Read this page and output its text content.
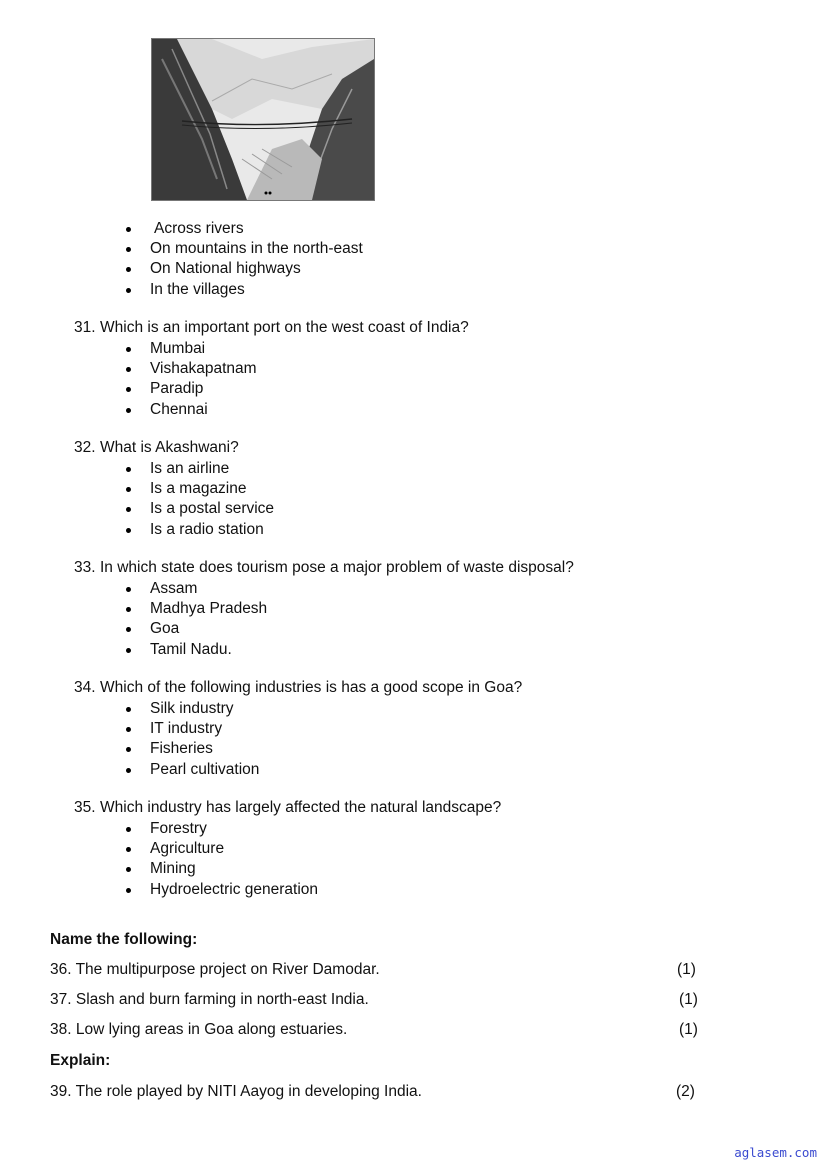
Across rivers
On mountains in the north-east
On National highways
In the villages
31. Which is an important port on the west coast of India?
Mumbai
Vishakapatnam
Paradip
Chennai
32. What is Akashwani?
Is an airline
Is a magazine
Is a postal service
Is a radio station
33. In which state does tourism pose a major problem of waste disposal?
Assam
Madhya Pradesh
Goa
Tamil Nadu.
34. Which of the following industries is has a good scope in Goa?
Silk industry
IT industry
Fisheries
Pearl cultivation
35. Which industry has largely affected the natural landscape?
Forestry
Agriculture
Mining
Hydroelectric generation
Name the following:
36. The multipurpose project on River Damodar.	(1)
37. Slash and burn farming in north-east India.	(1)
38. Low lying areas in Goa along estuaries.	(1)
Explain:
39. The role played by NITI Aayog in developing India.	(2)
aglasem.com
